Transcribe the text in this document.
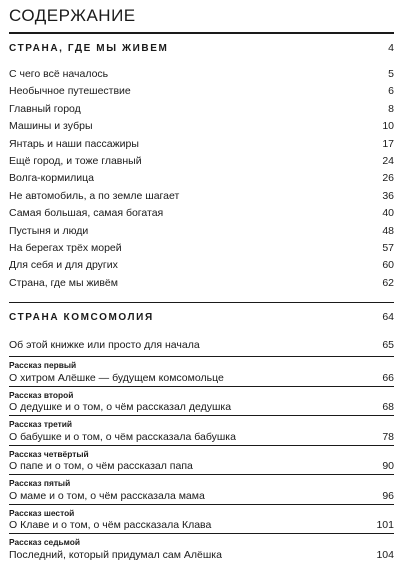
СОДЕРЖАНИЕ
СТРАНА, ГДЕ МЫ ЖИВЕМ	4
С чего всё началось	5
Необычное путешествие	6
Главный город	8
Машины и зубры	10
Янтарь и наши пассажиры	17
Ещё город, и тоже главный	24
Волга-кормилица	26
Не автомобиль, а по земле шагает	36
Самая большая, самая богатая	40
Пустыня и люди	48
На берегах трёх морей	57
Для себя и для других	60
Страна, где мы живём	62
СТРАНА КОМСОМОЛИЯ	64
Об этой книжке или просто для начала	65
Рассказ первый
О хитром Алёшке — будущем комсомольце	66
Рассказ второй
О дедушке и о том, о чём рассказал дедушка	68
Рассказ третий
О бабушке и о том, о чём рассказала бабушка	78
Рассказ четвёртый
О папе и о том, о чём рассказал папа	90
Рассказ пятый
О маме и о том, о чём рассказала мама	96
Рассказ шестой
О Клаве и о том, о чём рассказала Клава	101
Рассказ седьмой
Последний, который придумал сам Алёшка	104
